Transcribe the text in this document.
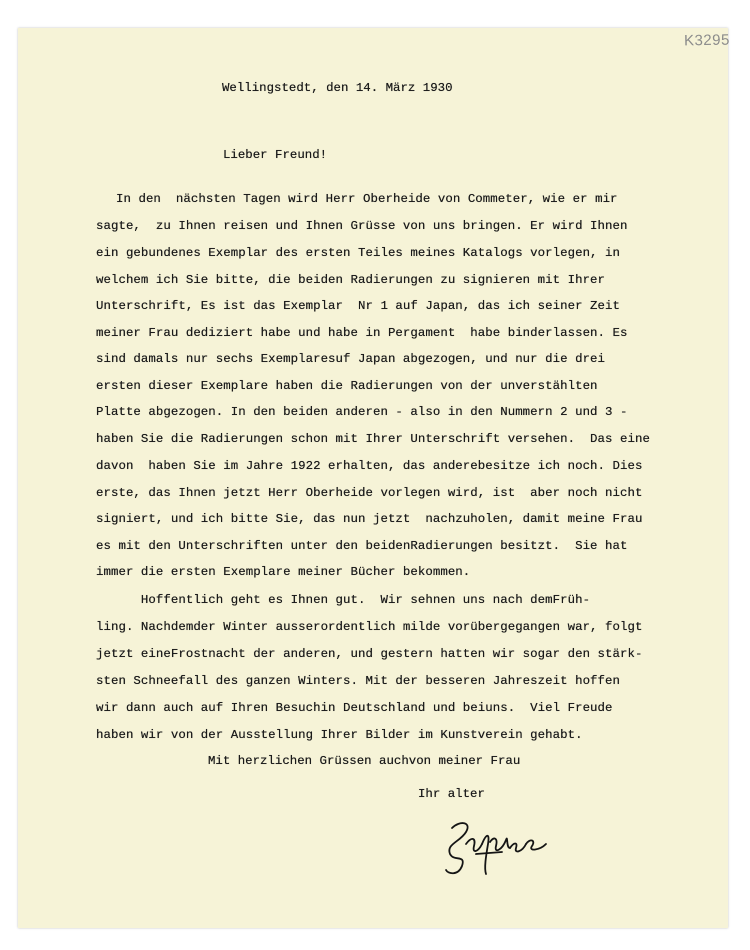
K3295
Wellingstedt, den 14. März 1930
Lieber Freund!
In den  nächsten Tagen wird Herr Oberheide von Commeter, wie er mir
sagte,  zu Ihnen reisen und Ihnen Grüsse von uns bringen. Er wird Ihnen
ein gebundenes Exemplar des ersten Teiles meines Katalogs vorlegen, in
welchem ich Sie bitte, die beiden Radierungen zu signieren mit Ihrer
Unterschrift, Es ist das Exemplar  Nr 1 auf Japan, das ich seiner Zeit
meiner Frau dediziert habe und habe in Pergament  habe binderlassen. Es
sind damals nur sechs Exemplaresuf Japan abgezogen, und nur die drei
ersten dieser Exemplare haben die Radierungen von der unverstählten
Platte abgezogen. In den beiden anderen - also in den Nummern 2 und 3 -
haben Sie die Radierungen schon mit Ihrer Unterschrift versehen.  Das eine
davon  haben Sie im Jahre 1922 erhalten, das anderebesitze ich noch. Dies
erste, das Ihnen jetzt Herr Oberheide vorlegen wird, ist  aber noch nicht
signiert, und ich bitte Sie, das nun jetzt  nachzuholen, damit meine Frau
es mit den Unterschriften unter den beidenRadierungen besitzt.  Sie hat
immer die ersten Exemplare meiner Bücher bekommen.
Hoffentlich geht es Ihnen gut.  Wir sehnen uns nach demFrüh-
ling. Nachdemder Winter ausserordentlich milde vorübergegangen war, folgt
jetzt eineFrostnacht der anderen, und gestern hatten wir sogar den stärk-
sten Schneefall des ganzen Winters. Mit der besseren Jahreszeit hoffen
wir dann auch auf Ihren Besuchin Deutschland und beiuns.  Viel Freude
haben wir von der Ausstellung Ihrer Bilder im Kunstverein gehabt.
Mit herzlichen Grüssen auchvon meiner Frau
Ihr alter
